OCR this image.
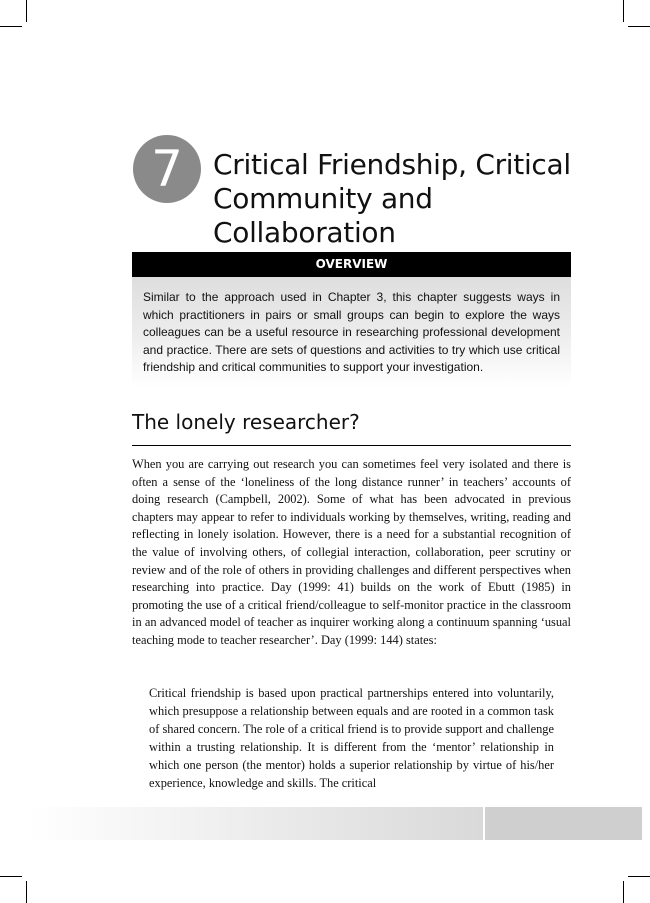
7	Critical Friendship, Critical Community and Collaboration
OVERVIEW
Similar to the approach used in Chapter 3, this chapter suggests ways in which practitioners in pairs or small groups can begin to explore the ways colleagues can be a useful resource in researching professional development and practice. There are sets of questions and activities to try which use critical friendship and critical communities to support your investigation.
The lonely researcher?

When you are carrying out research you can sometimes feel very isolated and there is often a sense of the ‘loneliness of the long distance runner’ in teachers’ accounts of doing research (Campbell, 2002). Some of what has been advocated in previous chapters may appear to refer to individuals working by themselves, writing, reading and reflecting in lonely isolation. However, there is a need for a substantial recognition of the value of involving others, of collegial interaction, collaboration, peer scrutiny or review and of the role of others in providing challenges and different perspectives when researching into practice. Day (1999: 41) builds on the work of Ebutt (1985) in promoting the use of a critical friend/colleague to self-monitor practice in the classroom in an advanced model of teacher as inquirer working along a continuum spanning ‘usual teaching mode to teacher researcher’. Day (1999: 144) states:

Critical friendship is based upon practical partnerships entered into voluntarily, which presuppose a relationship between equals and are rooted in a common task of shared concern. The role of a critical friend is to provide support and challenge within a trusting relationship. It is different from the ‘mentor’ relationship in which one person (the mentor) holds a superior relationship by virtue of his/her experience, knowledge and skills. The critical
